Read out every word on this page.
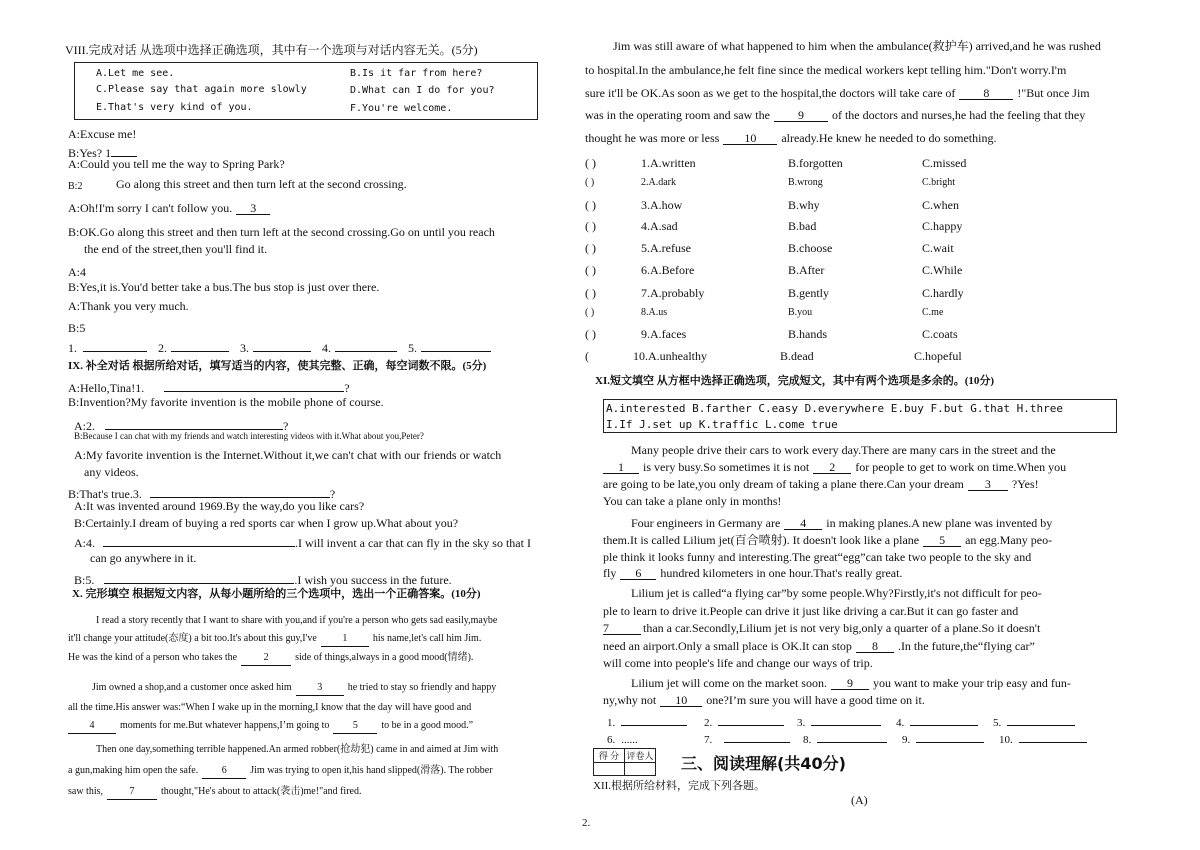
VIII.完成对话 从选项中选择正确选项，其中有一个选项与对话内容无关。(5分)
A.Let me see.	B.Is it far from here?
C.Please say that again more slowly	D.What can I do for you?
E.That's very kind of you.	F.You're welcome.
A:Excuse me!
B:Yes? 1
A:Could you tell me the way to Spring Park?
B:2	Go along this street and then turn left at the second crossing.
A:Oh!I'm sorry I can't follow you. 3
B:OK.Go along this street and then turn left at the second crossing.Go on until you reach
the end of the street,then you'll find it.
A:4
B:Yes,it is.You'd better take a bus.The bus stop is just over there.
A:Thank you very much.
B:5
1.	2.	3.	4.	5.
IX. 补全对话 根据所给对话，填写适当的内容，使其完整、正确，每空词数不限。(5分)
A:Hello,Tina!1.	?
B:Invention?My favorite invention is the mobile phone of course.
A:2.	?
B:Because I can chat with my friends and watch interesting videos with it.What about you,Peter?
A:My favorite invention is the Internet.Without it,we can't chat with our friends or watch
any videos.
B:That's true.3.	?
A:It was invented around 1969.By the way,do you like cars?
B:Certainly.I dream of buying a red sports car when I grow up.What about you?
A:4.	.I will invent a car that can fly in the sky so that I
can go anywhere in it.
B:5.	.I wish you success in the future.
X. 完形填空 根据短文内容，从每小题所给的三个选项中，选出一个正确答案。(10分)
I read a story recently that I want to share with you,and if you're a person who gets sad easily,maybe
it'll change your attitude(态度) a bit too.It's about this guy,I've	1	his name,let's call him Jim.
He was the kind of a person who takes the	2	side of things,always in a good mood(情绪).
Jim owned a shop,and a customer once asked him	3	he tried to stay so friendly and happy
all the time.His answer was:“When I wake up in the morning,I know that the day will have good and
4	moments for me.But whatever happens,I’m going to 5 to be in a good mood.”
Then one day,something terrible happened.An armed robber(抢劫犯) came in and aimed at Jim with
a gun,making him open the safe. 6 Jim was trying to open it,his hand slipped(滑落). The robber
saw this,	7	thought,"He's about to attack(袭击)me!"and fired.
Jim was still aware of what happened to him when the ambulance(救护车) arrived,and he was rushed
to hospital.In the ambulance,he felt fine since the medical workers kept telling him."Don't worry.I'm
sure it'll be OK.As soon as we get to the hospital,the doctors will take care of 8 !"But once Jim
was in the operating room and saw the 9 of the doctors and nurses,he had the feeling that they
thought he was more or less 10 already.He knew he needed to do something.
( )	1.A.written	B.forgotten	C.missed
( )	2.A.dark	B.wrong	C.bright
( )	3.A.how	B.why	C.when
( )	4.A.sad	B.bad	C.happy
( )	5.A.refuse	B.choose	C.wait
( )	6.A.Before	B.After	C.While
( )	7.A.probably	B.gently	C.hardly
( )	8.A.us	B.you	C.me
( )	9.A.faces	B.hands	C.coats
(	10.A.unhealthy	B.dead	C.hopeful
XI.短文填空 从方框中选择正确选项，完成短文，其中有两个选项是多余的。(10分)
A.interested B.farther C.easy D.everywhere E.buy F.but G.that H.three
I.If J.set up K.traffic L.come true
Many people drive their cars to work every day.There are many cars in the street and the
1 is very busy.So sometimes it is not 2 for people to get to work on time.When you
are going to be late,you only dream of taking a plane there.Can your dream 3 ?Yes!
You can take a plane only in months!
Four engineers in Germany are 4 in making planes.A new plane was invented by
them.It is called Lilium jet(百合喷射). It doesn't look like a plane 5 an egg.Many peo-
ple think it looks funny and interesting.The great“egg”can take two people to the sky and
fly 6 hundred kilometers in one hour.That's really great.
Lilium jet is called“a flying car”by some people.Why?Firstly,it's not difficult for peo-
ple to learn to drive it.People can drive it just like driving a car.But it can go faster and
7	than a car.Secondly,Lilium jet is not very big,only a quarter of a plane.So it doesn't
need an airport.Only a small place is OK.It can stop 8 .In the future,the“flying car”
will come into people's life and change our ways of trip.
Lilium jet will come on the market soon. 9 you want to make your trip easy and fun-
ny,why not 10 one?I’m sure you will have a good time on it.
1.	2.	3.	4.	5.
6. ......	7.	8.	9.	10.
得 分	评卷人
	三、阅读理解(共40分)
XII.根据所给材料，完成下列各题。
(A)
2.
